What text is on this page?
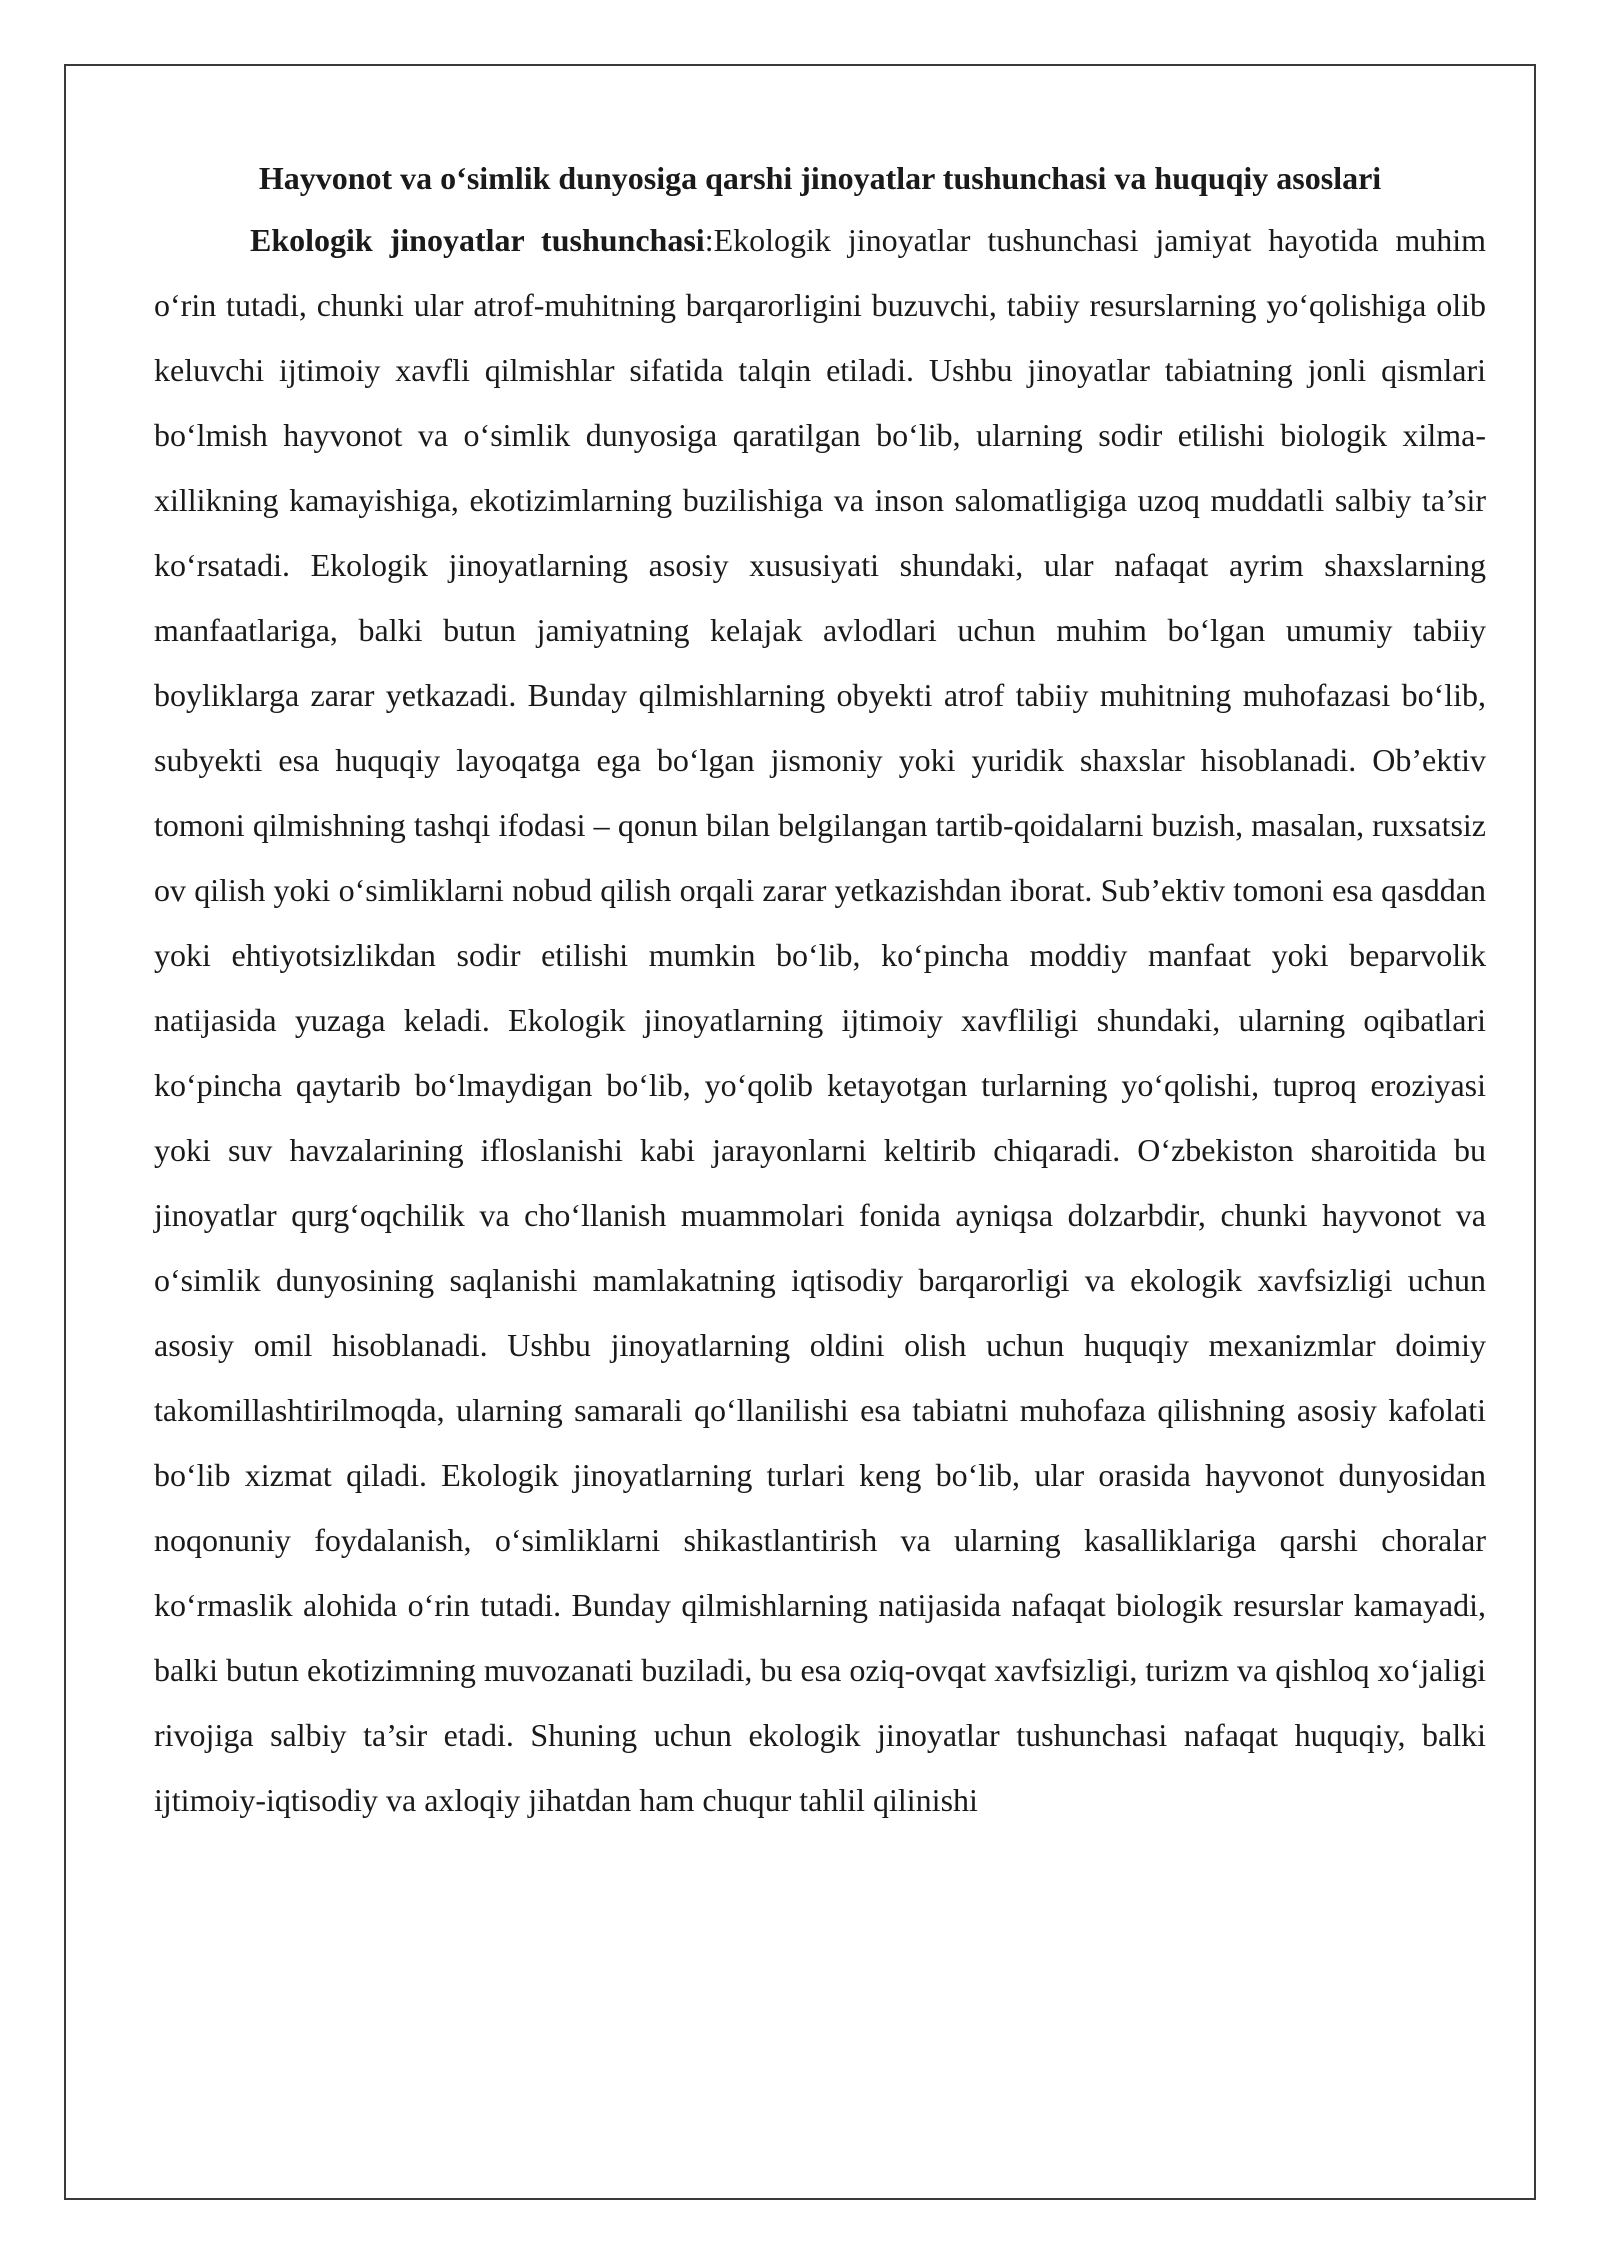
Hayvonot va o‘simlik dunyosiga qarshi jinoyatlar tushunchasi va huquqiy asoslari

Ekologik jinoyatlar tushunchasi:Ekologik jinoyatlar tushunchasi jamiyat hayotida muhim o‘rin tutadi, chunki ular atrof-muhitning barqarorligini buzuvchi, tabiiy resurslarning yo‘qolishiga olib keluvchi ijtimoiy xavfli qilmishlar sifatida talqin etiladi. Ushbu jinoyatlar tabiatning jonli qismlari bo‘lmish hayvonot va o‘simlik dunyosiga qaratilgan bo‘lib, ularning sodir etilishi biologik xilma-xillikning kamayishiga, ekotizimlarning buzilishiga va inson salomatligiga uzoq muddatli salbiy ta’sir ko‘rsatadi. Ekologik jinoyatlarning asosiy xususiyati shundaki, ular nafaqat ayrim shaxslarning manfaatlariga, balki butun jamiyatning kelajak avlodlari uchun muhim bo‘lgan umumiy tabiiy boyliklarga zarar yetkazadi. Bunday qilmishlarning obyekti atrof tabiiy muhitning muhofazasi bo‘lib, subyekti esa huquqiy layoqatga ega bo‘lgan jismoniy yoki yuridik shaxslar hisoblanadi. Ob’ektiv tomoni qilmishning tashqi ifodasi – qonun bilan belgilangan tartib-qoidalarni buzish, masalan, ruxsatsiz ov qilish yoki o‘simliklarni nobud qilish orqali zarar yetkazishdan iborat. Sub’ektiv tomoni esa qasddan yoki ehtiyotsizlikdan sodir etilishi mumkin bo‘lib, ko‘pincha moddiy manfaat yoki beparvolik natijasida yuzaga keladi. Ekologik jinoyatlarning ijtimoiy xavfliligi shundaki, ularning oqibatlari ko‘pincha qaytarib bo‘lmaydigan bo‘lib, yo‘qolib ketayotgan turlarning yo‘qolishi, tuproq eroziyasi yoki suv havzalarining ifloslanishi kabi jarayonlarni keltirib chiqaradi. O‘zbekiston sharoitida bu jinoyatlar qurg‘oqchilik va cho‘llanish muammolari fonida ayniqsa dolzarbdir, chunki hayvonot va o‘simlik dunyosining saqlanishi mamlakatning iqtisodiy barqarorligi va ekologik xavfsizligi uchun asosiy omil hisoblanadi. Ushbu jinoyatlarning oldini olish uchun huquqiy mexanizmlar doimiy takomillashtirilmoqda, ularning samarali qo‘llanilishi esa tabiatni muhofaza qilishning asosiy kafolati bo‘lib xizmat qiladi. Ekologik jinoyatlarning turlari keng bo‘lib, ular orasida hayvonot dunyosidan noqonuniy foydalanish, o‘simliklarni shikastlantirish va ularning kasalliklariga qarshi choralar ko‘rmaslik alohida o‘rin tutadi. Bunday qilmishlarning natijasida nafaqat biologik resurslar kamayadi, balki butun ekotizimning muvozanati buziladi, bu esa oziq-ovqat xavfsizligi, turizm va qishloq xo‘jaligi rivojiga salbiy ta’sir etadi. Shuning uchun ekologik jinoyatlar tushunchasi nafaqat huquqiy, balki ijtimoiy-iqtisodiy va axloqiy jihatdan ham chuqur tahlil qilinishi
